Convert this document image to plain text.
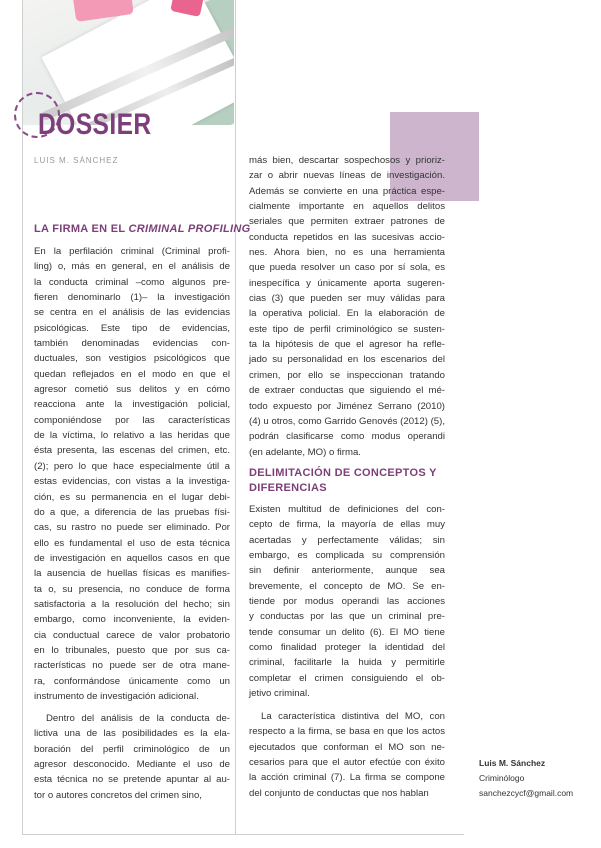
DOSSIER
LUIS M. SÁNCHEZ
LA FIRMA EN EL CRIMINAL PROFILING

En la perfilación criminal (Criminal profi-

ling) o, más en general, en el análisis de

la conducta criminal –como algunos pre-

fieren denominarlo (1)– la investigación

se centra en el análisis de las evidencias

psicológicas. Este tipo de evidencias,

también denominadas evidencias con-

ductuales, son vestigios psicológicos que

quedan reflejados en el modo en que el

agresor cometió sus delitos y en cómo

reacciona ante la investigación policial,

componiéndose por las características

de la víctima, lo relativo a las heridas que

ésta presenta, las escenas del crimen, etc.

(2); pero lo que hace especialmente útil a

estas evidencias, con vistas a la investiga-

ción, es su permanencia en el lugar debi-

do a que, a diferencia de las pruebas físi-

cas, su rastro no puede ser eliminado. Por

ello es fundamental el uso de esta técnica

de investigación en aquellos casos en que

la ausencia de huellas físicas es manifies-

ta o, su presencia, no conduce de forma

satisfactoria a la resolución del hecho; sin

embargo, como inconveniente, la eviden-

cia conductual carece de valor probatorio

en lo tribunales, puesto que por sus ca-

racterísticas no puede ser de otra mane-

ra, conformándose únicamente como un

instrumento de investigación adicional.

Dentro del análisis de la conducta de-

lictiva una de las posibilidades es la ela-

boración del perfil criminológico de un

agresor desconocido. Mediante el uso de

esta técnica no se pretende apuntar al au-

tor o autores concretos del crimen sino,

más bien, descartar sospechosos y prioriz-

zar o abrir nuevas líneas de investigación.

Además se convierte en una práctica espe-

cialmente importante en aquellos delitos

seriales que permiten extraer patrones de

conducta repetidos en las sucesivas accio-

nes. Ahora bien, no es una herramienta

que pueda resolver un caso por sí sola, es

inespecífica y únicamente aporta sugeren-

cias (3) que pueden ser muy válidas para

la operativa policial. En la elaboración de

este tipo de perfil criminológico se susten-

ta la hipótesis de que el agresor ha refle-

jado su personalidad en los escenarios del

crimen, por ello se inspeccionan tratando

de extraer conductas que siguiendo el mé-

todo expuesto por Jiménez Serrano (2010)

(4) u otros, como Garrido Genovés (2012) (5),

podrán clasificarse como modus operandi

(en adelante, MO) o firma.

DELIMITACIÓN DE CONCEPTOS Y
DIFERENCIAS

Existen multitud de definiciones del con-

cepto de firma, la mayoría de ellas muy

acertadas y perfectamente válidas; sin

embargo, es complicada su comprensión

sin definir anteriormente, aunque sea

brevemente, el concepto de MO. Se en-

tiende por modus operandi las acciones

y conductas por las que un criminal pre-

tende consumar un delito (6). El MO tiene

como finalidad proteger la identidad del

criminal, facilitarle la huida y permitirle

completar el crimen consiguiendo el ob-

jetivo criminal.

La característica distintiva del MO, con

respecto a la firma, se basa en que los actos

ejecutados que conforman el MO son ne-

cesarios para que el autor efectúe con éxito

la acción criminal (7). La firma se compone

del conjunto de conductas que nos hablan

Luis M. Sánchez
Criminólogo
sanchezcycf@gmail.com
